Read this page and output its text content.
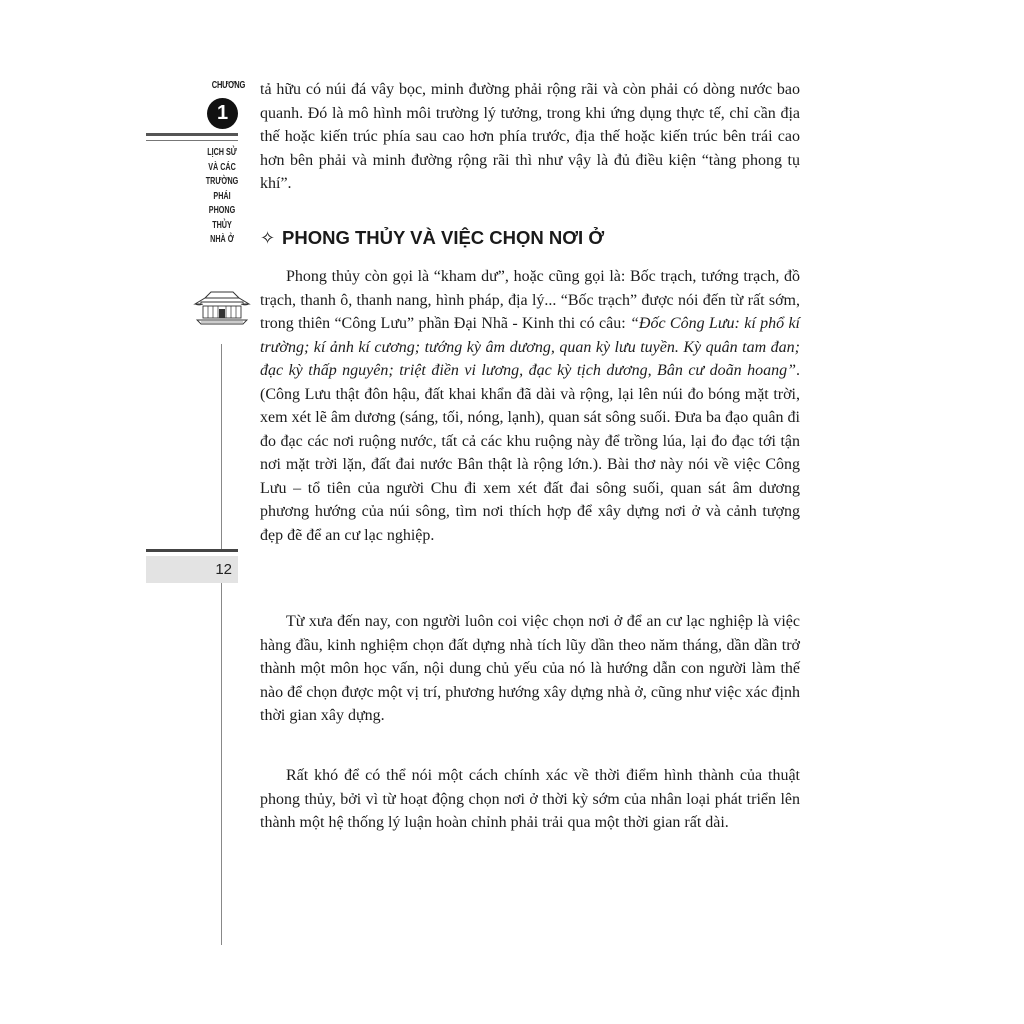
CHƯƠNG
1
LỊCH SỬ
VÀ CÁC
TRƯỜNG
PHÁI
PHONG
THỦY
NHÀ Ở
12
tả hữu có núi đá vây bọc, minh đường phải rộng rãi và còn phải có dòng nước bao quanh. Đó là mô hình môi trường lý tưởng, trong khi ứng dụng thực tế, chỉ cần địa thế hoặc kiến trúc phía sau cao hơn phía trước, địa thế hoặc kiến trúc bên trái cao hơn bên phải và minh đường rộng rãi thì như vậy là đủ điều kiện “tàng phong tụ khí”.
✧ PHONG THỦY VÀ VIỆC CHỌN NƠI Ở
Phong thủy còn gọi là “kham dư”, hoặc cũng gọi là: Bốc trạch, tướng trạch, đồ trạch, thanh ô, thanh nang, hình pháp, địa lý... “Bốc trạch” được nói đến từ rất sớm, trong thiên “Công Lưu” phần Đại Nhã - Kinh thi có câu: “Đốc Công Lưu: kí phổ kí trường; kí ảnh kí cương; tướng kỳ âm dương, quan kỳ lưu tuyền. Kỳ quân tam đan; đạc kỳ thấp nguyên; triệt điền vi lương, đạc kỳ tịch dương, Bân cư doãn hoang”. (Công Lưu thật đôn hậu, đất khai khẩn đã dài và rộng, lại lên núi đo bóng mặt trời, xem xét lẽ âm dương (sáng, tối, nóng, lạnh), quan sát sông suối. Đưa ba đạo quân đi đo đạc các nơi ruộng nước, tất cả các khu ruộng này để trồng lúa, lại đo đạc tới tận nơi mặt trời lặn, đất đai nước Bân thật là rộng lớn.). Bài thơ này nói về việc Công Lưu – tổ tiên của người Chu đi xem xét đất đai sông suối, quan sát âm dương phương hướng của núi sông, tìm nơi thích hợp để xây dựng nơi ở và cảnh tượng đẹp đẽ để an cư lạc nghiệp.
Từ xưa đến nay, con người luôn coi việc chọn nơi ở để an cư lạc nghiệp là việc hàng đầu, kinh nghiệm chọn đất dựng nhà tích lũy dần theo năm tháng, dần dần trở thành một môn học vấn, nội dung chủ yếu của nó là hướng dẫn con người làm thế nào để chọn được một vị trí, phương hướng xây dựng nhà ở, cũng như việc xác định thời gian xây dựng.
Rất khó để có thể nói một cách chính xác về thời điểm hình thành của thuật phong thủy, bởi vì từ hoạt động chọn nơi ở thời kỳ sớm của nhân loại phát triển lên thành một hệ thống lý luận hoàn chỉnh phải trải qua một thời gian rất dài.
